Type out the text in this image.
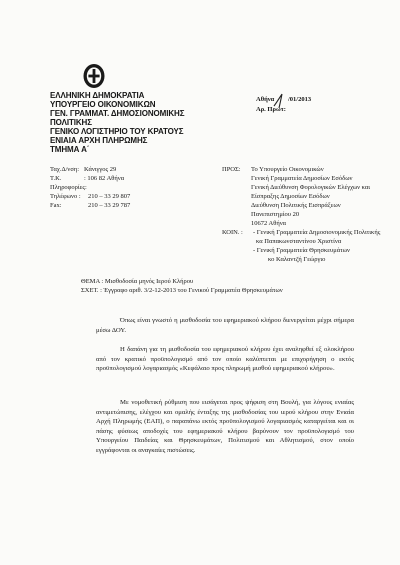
ΕΛΛΗΝΙΚΗ ΔΗΜΟΚΡΑΤΙΑ
ΥΠΟΥΡΓΕΙΟ ΟΙΚΟΝΟΜΙΚΩΝ
ΓΕΝ. ΓΡΑΜΜΑΤ. ΔΗΜΟΣΙΟΝΟΜΙΚΗΣ
ΠΟΛΙΤΙΚΗΣ
ΓΕΝΙΚΟ ΛΟΓΙΣΤΗΡΙΟ ΤΟΥ ΚΡΑΤΟΥΣ
ΕΝΙΑΙΑ ΑΡΧΗ ΠΛΗΡΩΜΗΣ
ΤΜΗΜΑ Α΄
Αθήνα /01/2013
Αρ. Πρωτ:
Ταχ.Δ/νση: Κάνιγγος 29
Τ.Κ.	: 106 82 Αθήνα
Πληροφορίες:
Τηλέφωνο : 210 – 33 29 807
Fax:	210 – 33 29 787
ΠΡΟΣ: Το Υπουργείο Οικονομικών
Γενική Γραμματεία Δημοσίων Εσόδων
Γενική Διεύθυνση Φορολογικών Ελέγχων και
Είσπραξης Δημοσίων Εσόδων
Διεύθυνση Πολιτικής Εισπράξεων
Πανεπιστημίου 20
10672 Αθήνα
ΚΟΙΝ. : - Γενική Γραμματεία Δημοσιονομικής Πολιτικής
κα Παπακωνσταντίνου Χριστίνα
- Γενική Γραμματεία Θρησκευμάτων
κο Καλαντζή Γεώργιο
ΘΕΜΑ : Μισθοδοσία μηνός Ιερού Κλήρου
ΣΧΕΤ. : Έγγραφο αριθ. 3/2-12-2013 του Γενικού Γραμματέα Θρησκευμάτων
Όπως είναι γνωστό η μισθοδοσία του εφημεριακού κλήρου διενεργείται μέχρι σήμερα μέσω ΔΟΥ.
Η δαπάνη για τη μισθοδοσία του εφημεριακού κλήρου έχει αναληφθεί εξ ολοκλήρου από τον κρατικό προϋπολογισμό από τον οποίο καλύπτεται με επιχορήγηση ο εκτός προϋπολογισμού λογαριασμός «Κεφάλαιο προς πληρωμή μισθού εφημεριακού κλήρου».
Με νομοθετική ρύθμιση που εισάγεται προς ψήφιση στη Βουλή, για λόγους ενιαίας αντιμετώπισης, ελέγχου και ομαλής ένταξης της μισθοδοσίας του ιερού κλήρου στην Ενιαία Αρχή Πληρωμής (ΕΑΠ), ο παραπάνω εκτός προϋπολογισμού λογαριασμός καταργείται και οι πάσης φύσεως αποδοχές του εφημεριακού κλήρου βαρύνουν τον προϋπολογισμό του Υπουργείου Παιδείας και Θρησκευμάτων, Πολιτισμού και Αθλητισμού, στον οποίο εγγράφονται οι αναγκαίες πιστώσεις.
